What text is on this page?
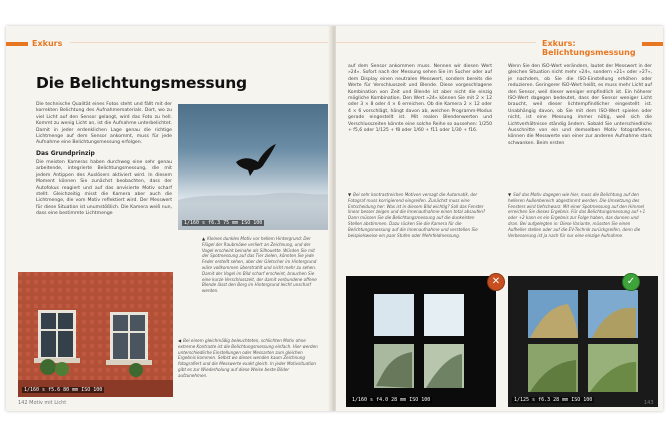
Exkurs
Die Belichtungsmessung

Die technische Qualität eines Fotos steht und fällt mit der korrekten Belichtung des Aufnahmematerials. Dort, wo zu viel Licht auf den Sensor gelangt, wird das Foto zu hell. Kommt zu wenig Licht an, ist die Aufnahme unterbelichtet. Damit in jeder erdenklichen Lage genau die richtige Lichtmenge auf dem Sensor ankommt, muss für jede Aufnahme eine Belichtungsmessung erfolgen.

Das Grundprinzip

Die meisten Kameras haben durchweg eine sehr genau arbeitende, integrierte Belichtungsmessung, die mit jedem Antippen des Auslösers aktiviert wird. In diesem Moment können Sie zunächst beobachten, dass der Autofokus reagiert und auf das anvisierte Motiv scharf stellt. Gleichzeitig misst die Kamera aber auch die Lichtmenge, die vom Motiv reflektiert wird. Der Messwert für diese Situation ist unumstößlich. Die Kamera weiß nun, dass eine bestimmte Lichtmenge

1/160 s f6.3 75 mm ISO 100

▲ Kleines dunkles Motiv vor hellem Hintergrund: Der Flügel der Raubmöwe verliert an Zeichnung, und der Vogel erscheint beinahe als Silhouette. Würden Sie mit der Spotmessung auf das Tier zielen, könnten Sie jede Feder erstellt sehen, aber der Gletscher im Hintergrund wäre vollkommen überstrahlt und nicht mehr zu sehen. Damit der Vogel im Bild scharf erscheint, brauchen Sie eine kurze Verschlusszeit, der damit verbundene offene Blende lässt den Berg im Hintergrund leicht unscharf werden.

1/160 s f5.6 80 mm ISO 100

◀ Bei einem gleichmäßig beleuchteten, schlichten Motiv ohne extreme Kontraste ist die Belichtungsmessung einfach. Hier werden unterschiedliche Einstellungen oder Messarten zum gleichen Ergebnis kommen. Selbst wo dieses wenden kaum Zeichnung fotografiert und die Messwerte exakt gleich. In jeder Motivsituation gibt es zur Wiederholung auf diese Weise beste Bilder aufzunehmen.

142 Motiv mit Licht
Exkurs: Belichtungsmessung

auf dem Sensor ankommen muss. Nennen wir diesen Wert »24«. Sofort nach der Messung sehen Sie im Sucher oder auf dem Display einen neutralen Messwert, sondern bereits die Werte für Verschlusszeit und Blende. Diese vorgeschlagene Kombination von Zeit und Blende ist aber nicht die einzig mögliche Kombination. Den Wert »24« können Sie mit 2 × 12 oder 3 × 8 oder 4 × 6 erreichen. Ob die Kamera 2 × 12 oder 4 × 6 vorschlägt, hängt davon ab, welchen Programm-Modus gerade eingestellt ist. Mit realen Blendenwerten und Verschlusszeiten könnte eine solche Reihe so aussehen: 1/250 + f5,6 oder 1/125 + f8 oder 1/60 + f11 oder 1/30 + f16.

Wenn Sie den ISO-Wert verändern, lautet der Messwert in der gleichen Situation nicht mehr »24«, sondern »21« oder »27«, je nachdem, ob Sie die ISO-Einstellung erhöhen oder reduzieren. Geringerer ISO-Wert heißt, es muss mehr Licht auf den Sensor, weil dieser weniger empfindlich ist. Ein höherer ISO-Wert dagegen bedeutet, dass der Sensor weniger Licht braucht, weil dieser lichtempfindlicher eingestellt ist. Unabhängig davon, ob Sie mit dem ISO-Wert spielen oder nicht, ist eine Messung immer nötig, weil sich die Lichtverhältnisse ständig ändern. Sobald Sie unterschiedliche Ausschnitte von ein und demselben Motiv fotografieren, können die Messwerte von einer zur anderen Aufnahme stark schwanken. Beim ersten

▼ Bei sehr kontrastreichen Motiven versagt die Automatik, der Fotograf muss korrigierend eingreifen. Zunächst muss eine Entscheidung her: Was ist in diesem Bild wichtig? Soll das Fenster linear besser zeigen und die Innenaufnahme einen total absaufen? Dann müssen Sie die Belichtungsmessung auf die dunkelsten Stellen abstimmen. Dazu rücken Sie die Kamera für die Belichtungsmessung auf die Innenaufnahme und verstellen Sie beispielsweise ein paar Stufen oder Mehrfeldmessung.

▼ Soll das Motiv dagegen wie hier, muss die Belichtung auf den helleren Außenbereich abgestimmt werden. Die Umsetzung des Fensters wird tiefschwarz. Mit einer Spotmessung auf den Himmel erreichen Sie dieses Ergebnis. Für das Belichtungsmessung auf +1 oder +2 kann es ein Ergebnis zur Folge haben, das dunnen und dran. Bei aufgelegten in: Diese Variante, müssten Sie einen Aufheller stellen oder auf die EV-Technik zurückgreifen, denn die Verbesserung ist ja nach für nur eine einzige Aufnahme.

1/160 s f4.0 28 mm ISO 100
✕
1/125 s f6.3 28 mm ISO 100
✓
143
